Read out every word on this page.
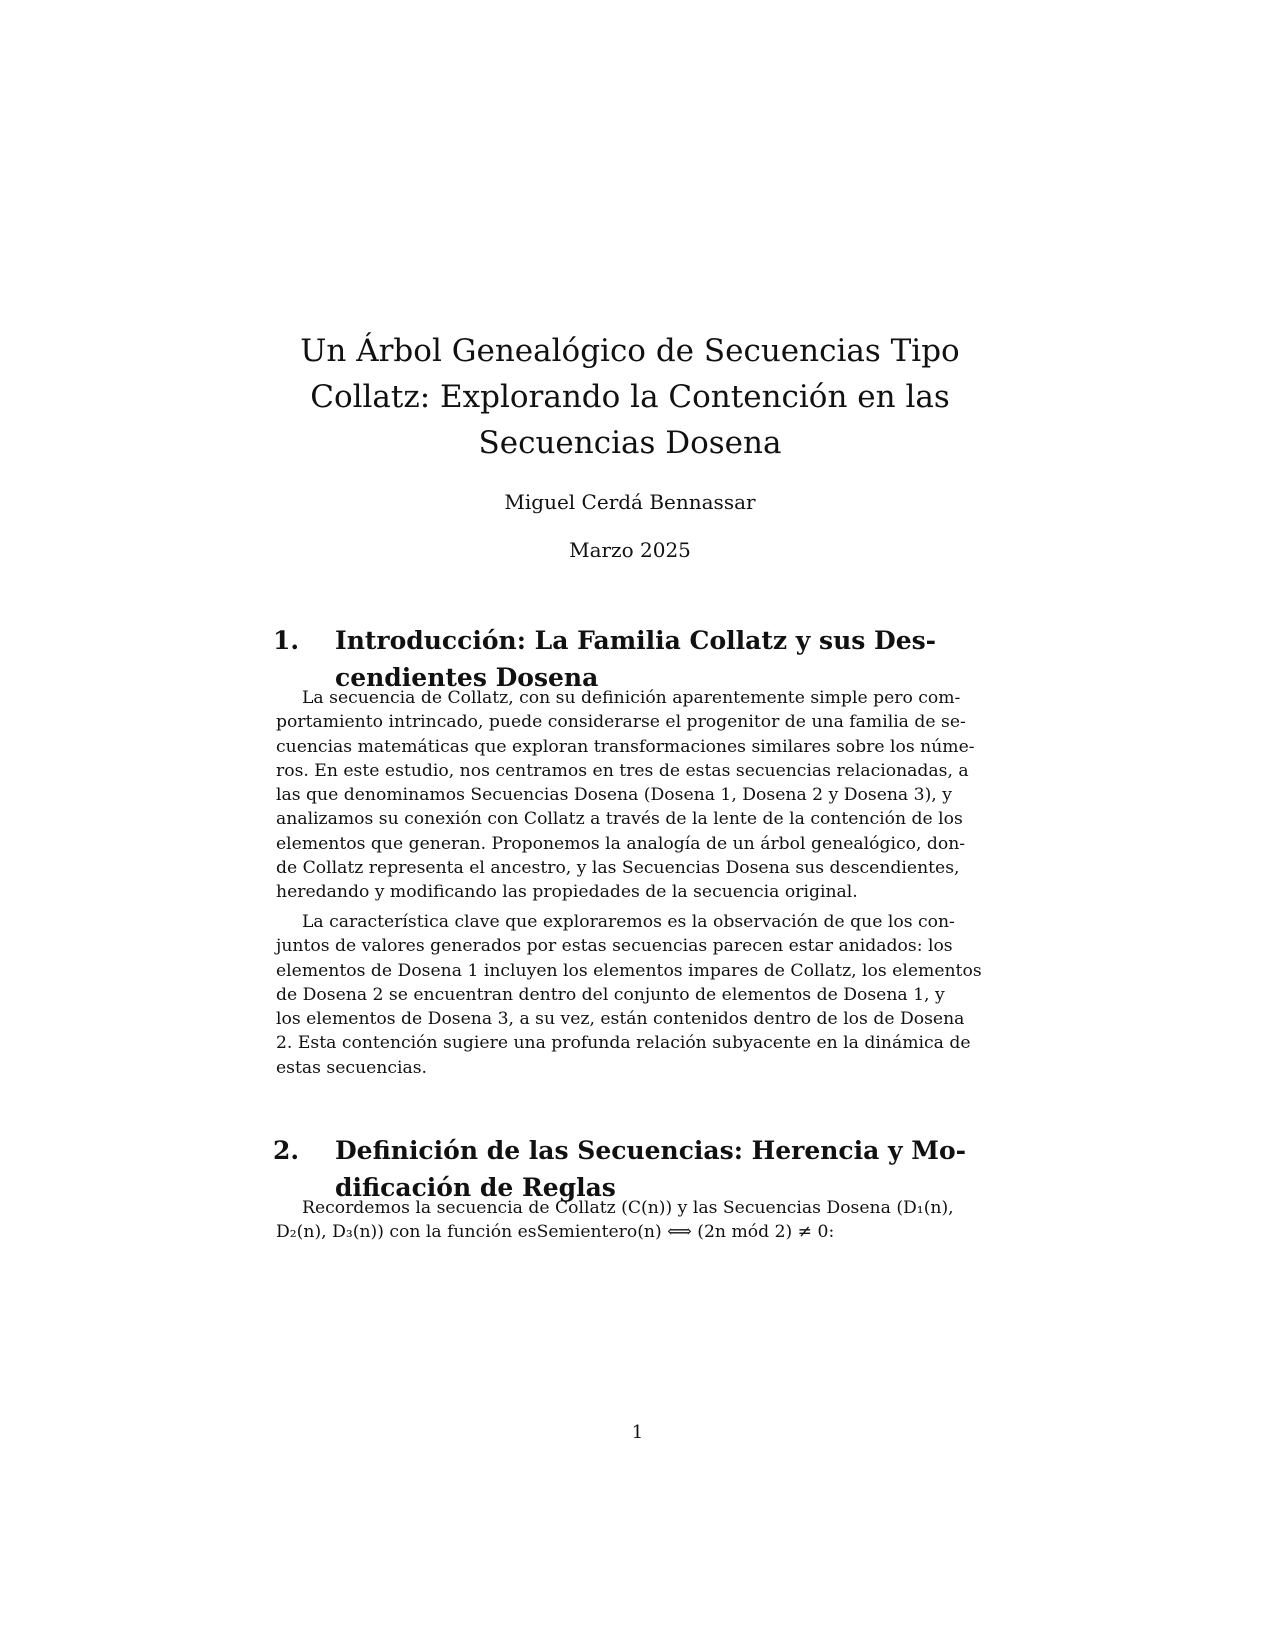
Un Árbol Genealógico de Secuencias Tipo
Collatz: Explorando la Contención en las
Secuencias Dosena
Miguel Cerdá Bennassar
Marzo 2025
1.	Introducción: La Familia Collatz y sus Des-
cendientes Dosena

La secuencia de Collatz, con su definición aparentemente simple pero com-
portamiento intrincado, puede considerarse el progenitor de una familia de se-
cuencias matemáticas que exploran transformaciones similares sobre los núme-
ros. En este estudio, nos centramos en tres de estas secuencias relacionadas, a
las que denominamos Secuencias Dosena (Dosena 1, Dosena 2 y Dosena 3), y
analizamos su conexión con Collatz a través de la lente de la contención de los
elementos que generan. Proponemos la analogía de un árbol genealógico, don-
de Collatz representa el ancestro, y las Secuencias Dosena sus descendientes,
heredando y modificando las propiedades de la secuencia original.

La característica clave que exploraremos es la observación de que los con-
juntos de valores generados por estas secuencias parecen estar anidados: los
elementos de Dosena 1 incluyen los elementos impares de Collatz, los elementos
de Dosena 2 se encuentran dentro del conjunto de elementos de Dosena 1, y
los elementos de Dosena 3, a su vez, están contenidos dentro de los de Dosena
2. Esta contención sugiere una profunda relación subyacente en la dinámica de
estas secuencias.

2.	Definición de las Secuencias: Herencia y Mo-
dificación de Reglas

Recordemos la secuencia de Collatz (C(n)) y las Secuencias Dosena (D₁(n),
D₂(n), D₃(n)) con la función esSemientero(n) ⟺ (2n mód 2) ≠ 0:

1
